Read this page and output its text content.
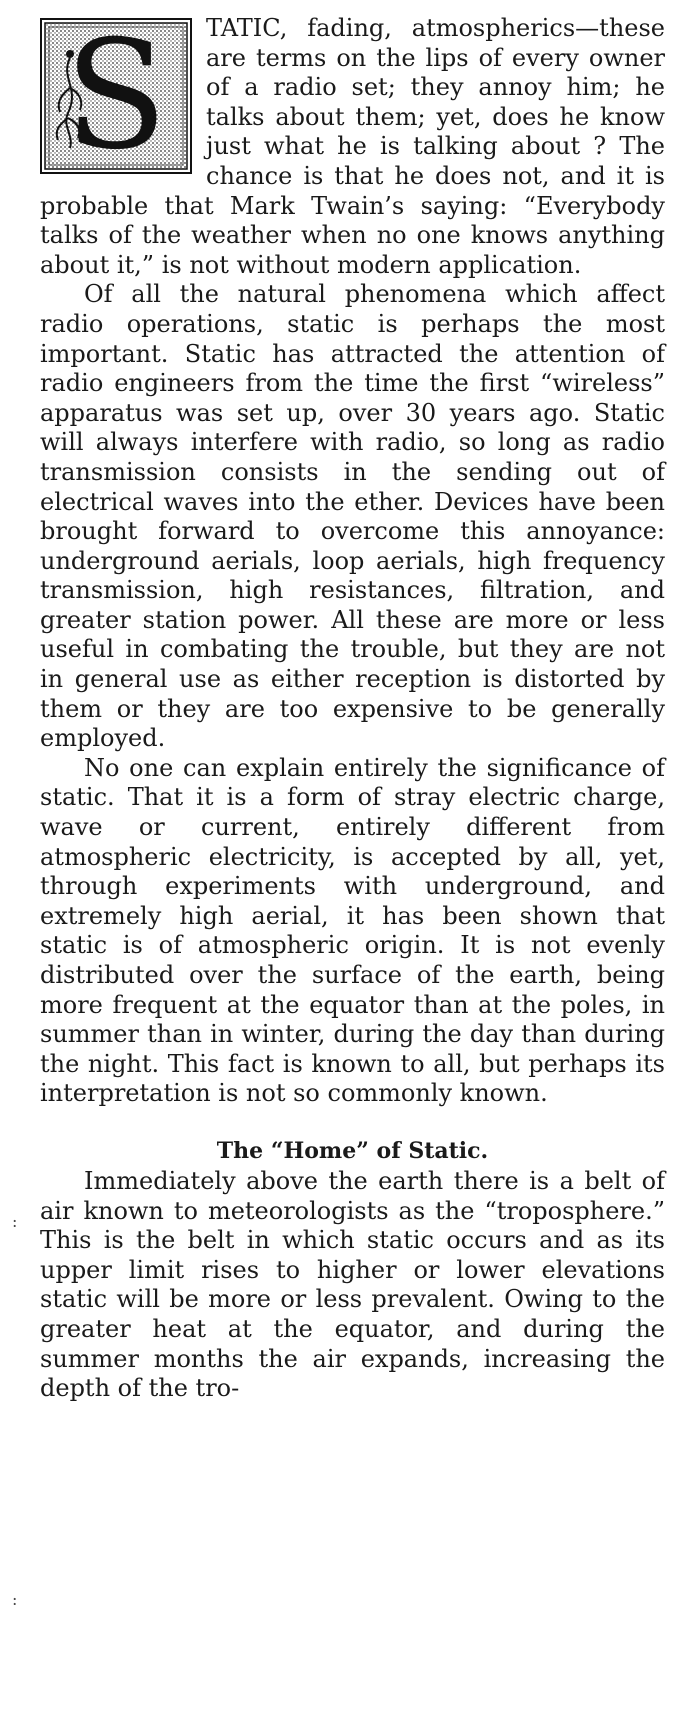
:
:
S	TATIC, fading, atmospherics—these are terms on the lips of every owner of a radio set; they annoy him; he talks about them; yet, does he know just what he is talking about ? The chance is that he does not, and it is probable that Mark Twain’s saying: “Everybody talks of the weather when no one knows anything about it,” is not without modern application.

Of all the natural phenomena which affect radio operations, static is perhaps the most important. Static has attracted the attention of radio engineers from the time the first “wireless” apparatus was set up, over 30 years ago. Static will always interfere with radio, so long as radio transmission consists in the sending out of electrical waves into the ether. Devices have been brought forward to overcome this annoyance: underground aerials, loop aerials, high frequency transmission, high resistances, filtration, and greater station power. All these are more or less useful in combating the trouble, but they are not in general use as either reception is distorted by them or they are too expensive to be generally employed.

No one can explain entirely the significance of static. That it is a form of stray electric charge, wave or current, entirely different from atmospheric electricity, is accepted by all, yet, through experiments with underground, and extremely high aerial, it has been shown that static is of atmospheric origin. It is not evenly distributed over the surface of the earth, being more frequent at the equator than at the poles, in summer than in winter, during the day than during the night. This fact is known to all, but perhaps its interpretation is not so commonly known.

The “Home” of Static.

Immediately above the earth there is a belt of air known to meteorologists as the “troposphere.” This is the belt in which static occurs and as its upper limit rises to higher or lower elevations static will be more or less prevalent. Owing to the greater heat at the equator, and during the summer months the air expands, increasing the depth of the tro-
